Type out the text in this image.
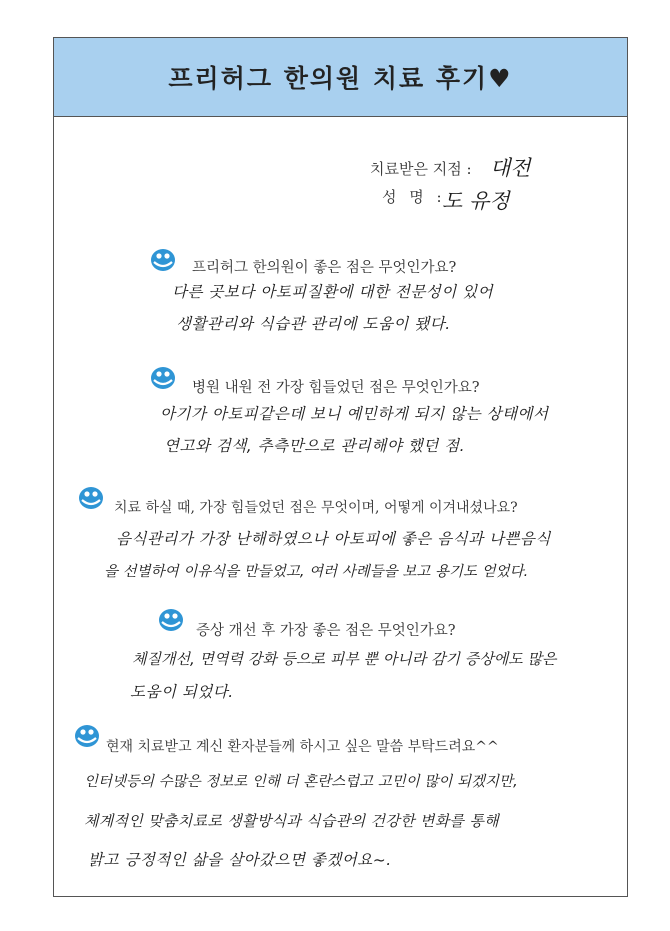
프리허그 한의원 치료 후기♥
치료받은 지점 : 대전
성 명 :
도 유정
프리허그 한의원이 좋은 점은 무엇인가요?
다른 곳보다 아토피질환에 대한 전문성이 있어
생활관리와 식습관 관리에 도움이 됐다.
병원 내원 전 가장 힘들었던 점은 무엇인가요?
아기가 아토피같은데 보니 예민하게 되지 않는 상태에서
연고와 검색, 추측만으로 관리해야 했던 점.
치료 하실 때, 가장 힘들었던 점은 무엇이며, 어떻게 이겨내셨나요?
음식관리가 가장 난해하였으나 아토피에 좋은 음식과 나쁜음식
을 선별하여 이유식을 만들었고, 여러 사례들을 보고 용기도 얻었다.
증상 개선 후 가장 좋은 점은 무엇인가요?
체질개선, 면역력 강화 등으로 피부 뿐 아니라 감기 증상에도 많은
도움이 되었다.
현재 치료받고 계신 환자분들께 하시고 싶은 말씀 부탁드려요^^
인터넷등의 수많은 정보로 인해 더 혼란스럽고 고민이 많이 되겠지만,
체계적인 맞춤치료로 생활방식과 식습관의 건강한 변화를 통해
밝고 긍정적인 삶을 살아갔으면 좋겠어요~.
